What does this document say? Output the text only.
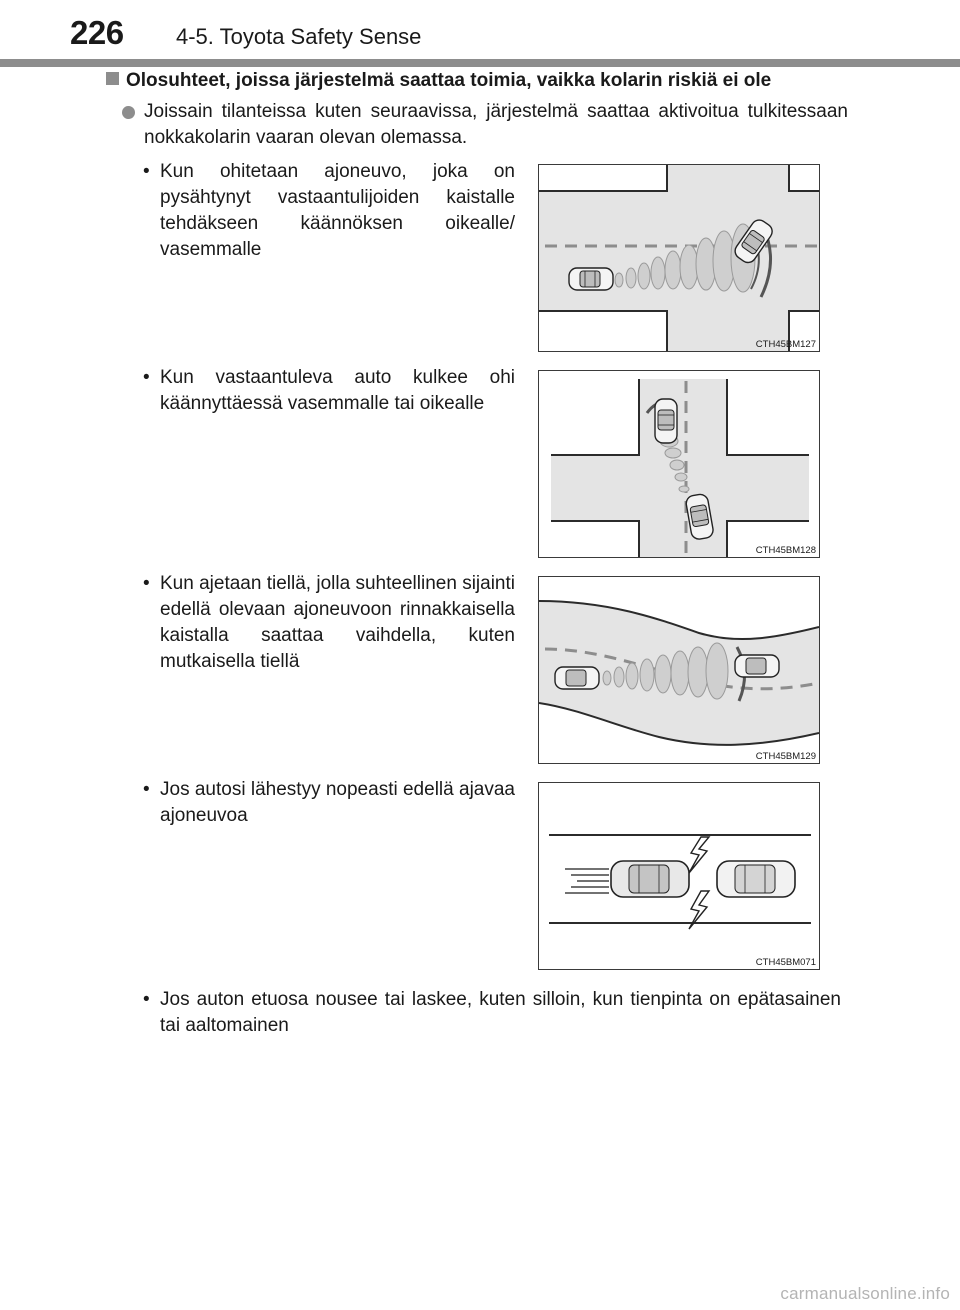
226 4-5. Toyota Safety Sense
Olosuhteet, joissa järjestelmä saattaa toimia, vaikka kolarin riskiä ei ole

Joissain tilanteissa kuten seuraavissa, järjestelmä saattaa aktivoitua tulkitessaan nokkakolarin vaaran olevan olemassa.

• Kun ohitetaan ajoneuvo, joka on pysähtynyt vastaantulijoiden kaistalle tehdäkseen käännöksen oikealle/ vasemmalle

CTH45BM127
• Kun vastaantuleva auto kulkee ohi käännyttäessä vasemmalle tai oikealle

CTH45BM128
• Kun ajetaan tiellä, jolla suhteellinen sijainti edellä olevaan ajoneuvoon rinnakkaisella kaistalla saattaa vaihdella, kuten mutkaisella tiellä

CTH45BM129
• Jos autosi lähestyy nopeasti edellä ajavaa ajoneuvoa

CTH45BM071
• Jos auton etuosa nousee tai laskee, kuten silloin, kun tienpinta on epätasainen tai aaltomainen

carmanualsonline.info
